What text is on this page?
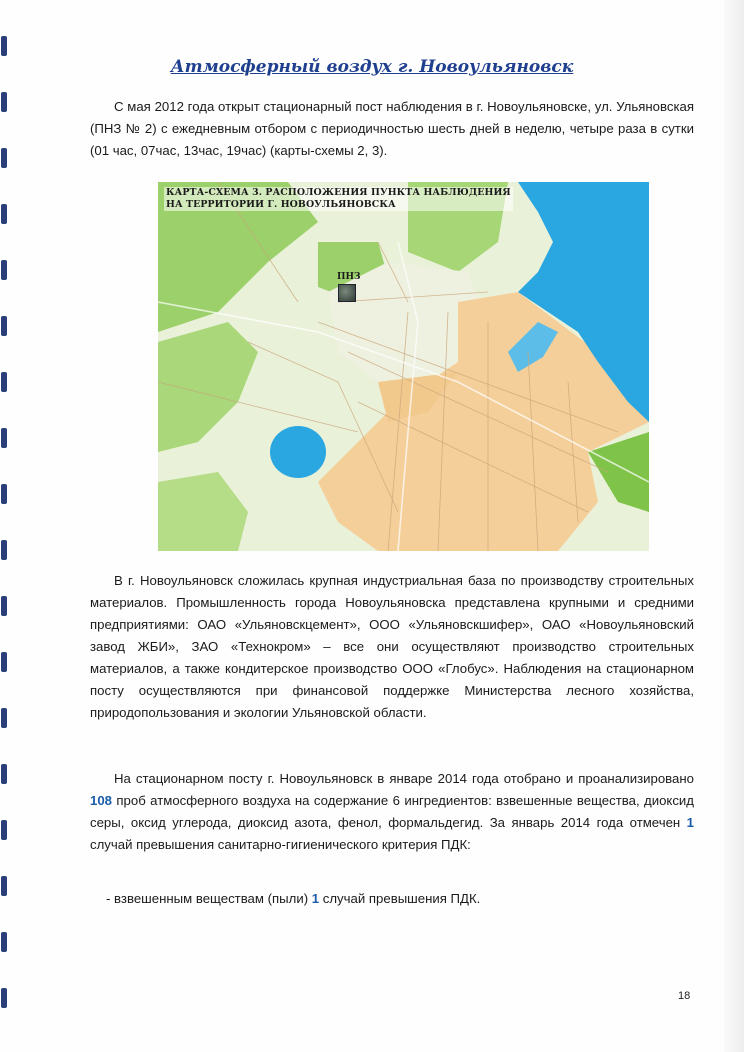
Атмосферный воздух г. Новоульяновск
С мая 2012 года открыт стационарный пост наблюдения в г. Новоульяновске, ул. Ульяновская (ПНЗ № 2) с ежедневным отбором с периодичностью шесть дней в неделю, четыре раза в сутки (01 час, 07час, 13час, 19час) (карты-схемы 2, 3).
КАРТА-СХЕМА 3. РАСПОЛОЖЕНИЯ ПУНКТА НАБЛЮДЕНИЯ
НА ТЕРРИТОРИИ Г. НОВОУЛЬЯНОВСКА
ПНЗ
В г. Новоульяновск сложилась крупная индустриальная база по производству строительных материалов. Промышленность города Новоульяновска представлена крупными и средними предприятиями: ОАО «Ульяновскцемент», ООО «Ульяновскшифер», ОАО «Новоульяновский завод ЖБИ», ЗАО «Технокром» – все они осуществляют производство строительных материалов, а также кондитерское производство ООО «Глобус». Наблюдения на стационарном посту осуществляются при финансовой поддержке Министерства лесного хозяйства, природопользования и экологии Ульяновской области.
На стационарном посту г. Новоульяновск в январе 2014 года отобрано и проанализировано 108 проб атмосферного воздуха на содержание 6 ингредиентов: взвешенные вещества, диоксид серы, оксид углерода, диоксид азота, фенол, формальдегид. За январь 2014 года отмечен 1 случай превышения санитарно-гигиенического критерия ПДК:
- взвешенным веществам (пыли) 1 случай превышения ПДК.
18
